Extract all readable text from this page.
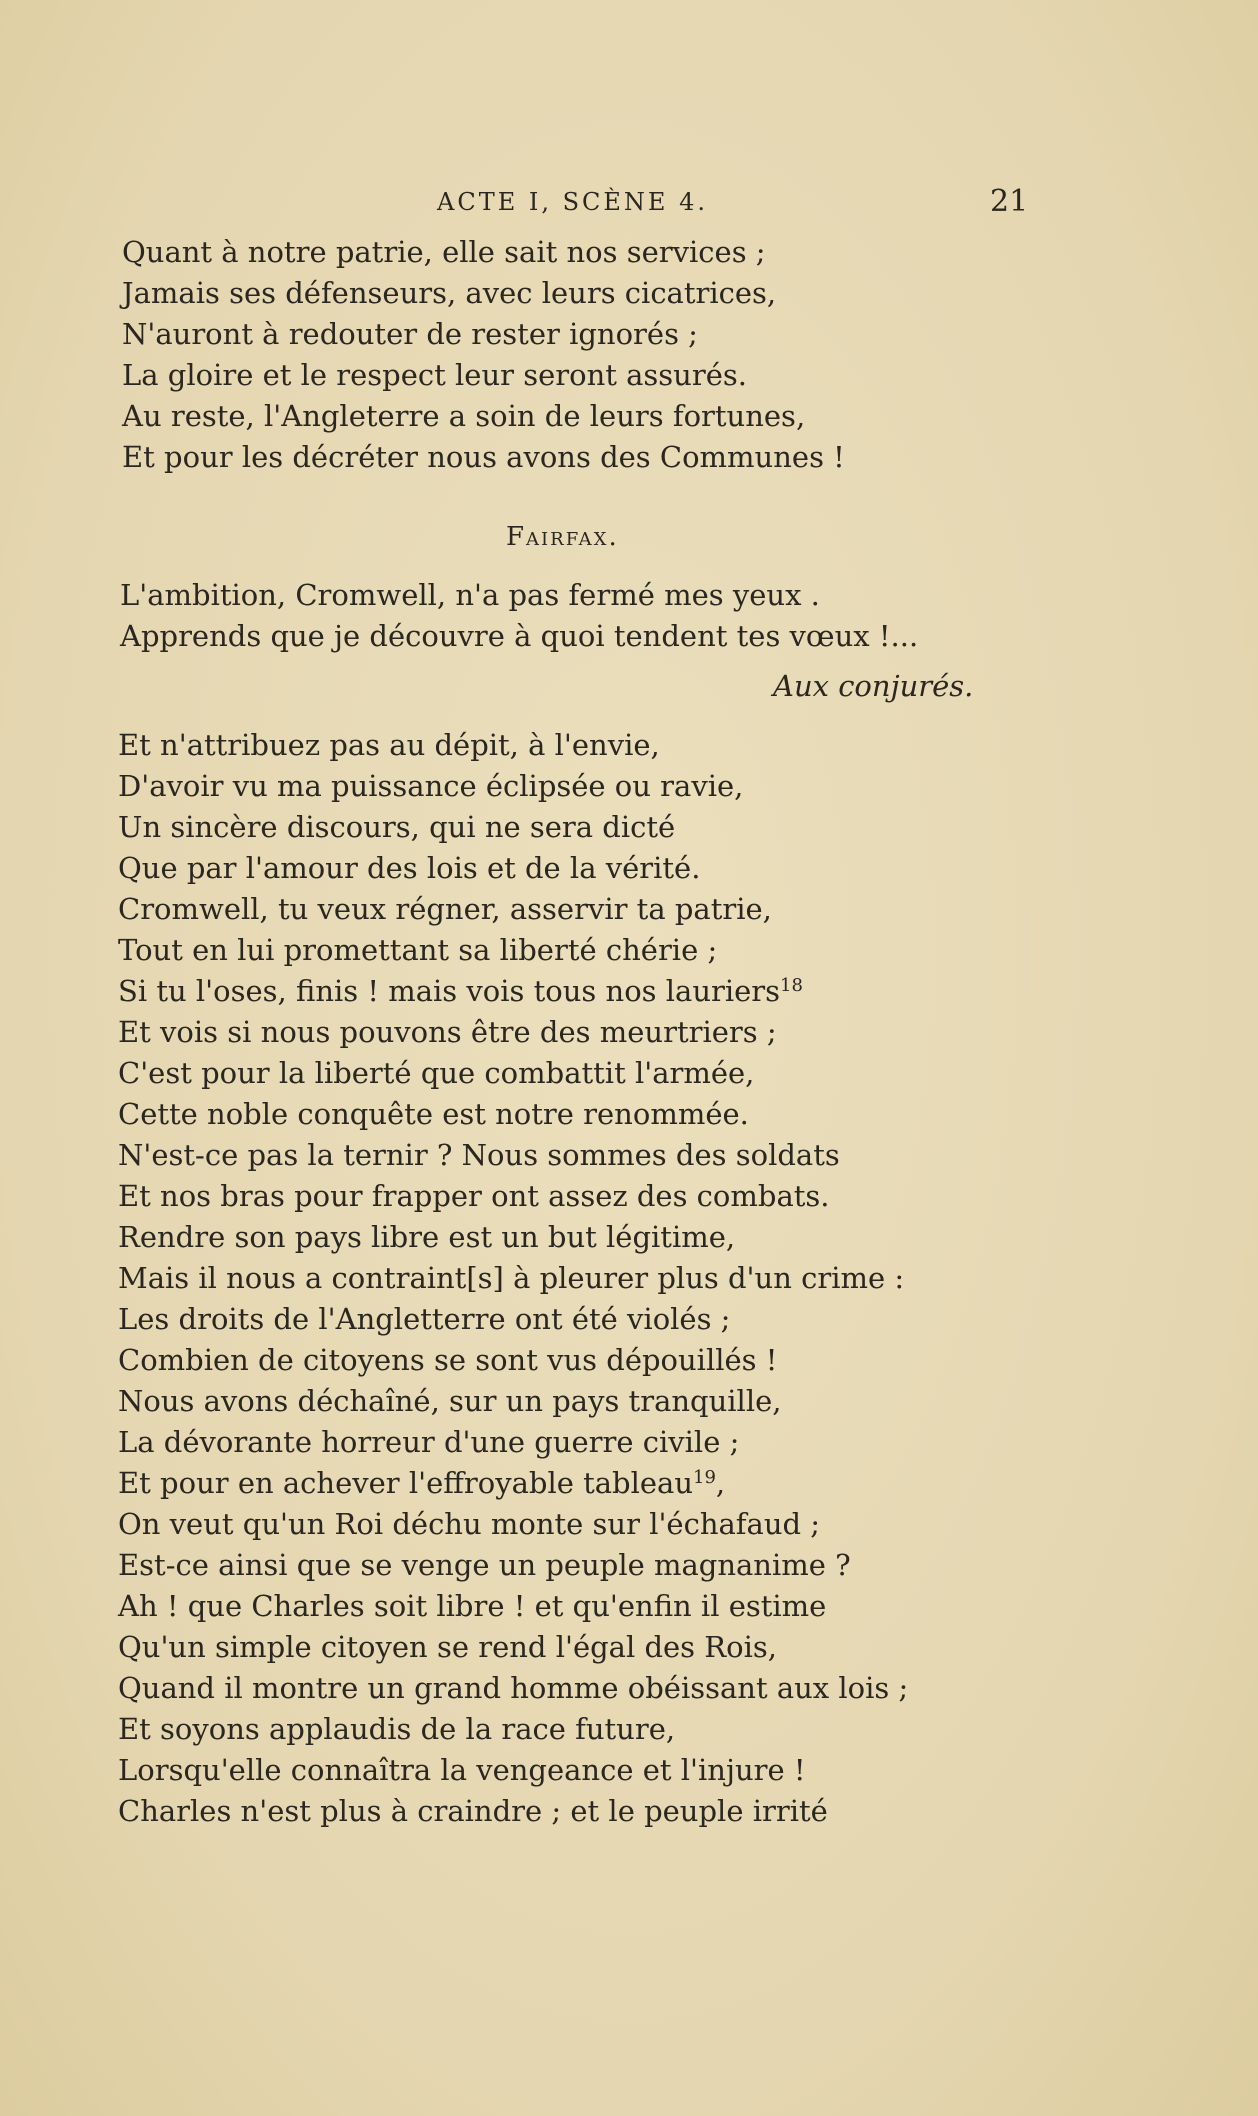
ACTE I, SCÈNE 4.	21
Quant à notre patrie, elle sait nos services ;
Jamais ses défenseurs, avec leurs cicatrices,
N'auront à redouter de rester ignorés ;
La gloire et le respect leur seront assurés.
Au reste, l'Angleterre a soin de leurs fortunes,
Et pour les décréter nous avons des Communes !
Fairfax.
L'ambition, Cromwell, n'a pas fermé mes yeux .
Apprends que je découvre à quoi tendent tes vœux !...
Aux conjurés.
Et n'attribuez pas au dépit, à l'envie,
D'avoir vu ma puissance éclipsée ou ravie,
Un sincère discours, qui ne sera dicté
Que par l'amour des lois et de la vérité.
Cromwell, tu veux régner, asservir ta patrie,
Tout en lui promettant sa liberté chérie ;
Si tu l'oses, finis ! mais vois tous nos lauriers$^{18}$
Et vois si nous pouvons être des meurtriers ;
C'est pour la liberté que combattit l'armée,
Cette noble conquête est notre renommée.
N'est-ce pas la ternir ? Nous sommes des soldats
Et nos bras pour frapper ont assez des combats.
Rendre son pays libre est un but légitime,
Mais il nous a contraint[s] à pleurer plus d'un crime :
Les droits de l'Angletterre ont été violés ;
Combien de citoyens se sont vus dépouillés !
Nous avons déchaîné, sur un pays tranquille,
La dévorante horreur d'une guerre civile ;
Et pour en achever l'effroyable tableau$^{19}$,
On veut qu'un Roi déchu monte sur l'échafaud ;
Est-ce ainsi que se venge un peuple magnanime ?
Ah ! que Charles soit libre ! et qu'enfin il estime
Qu'un simple citoyen se rend l'égal des Rois,
Quand il montre un grand homme obéissant aux lois ;
Et soyons applaudis de la race future,
Lorsqu'elle connaîtra la vengeance et l'injure !
Charles n'est plus à craindre ; et le peuple irrité
